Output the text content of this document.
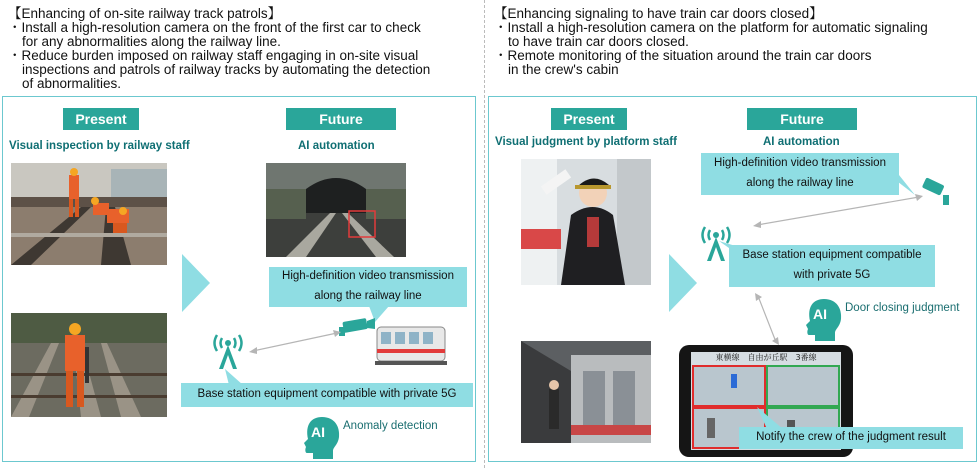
【Enhancing of on-site railway track patrols】
・Install a high-resolution camera on the front of the first car to check
for any abnormalities along the railway line.
・Reduce burden imposed on railway staff engaging in on-site visual
inspections and patrols of railway tracks by automating the detection
of abnormalities.
【Enhancing signaling to have train car doors closed】
・Install a high-resolution camera on the platform for automatic signaling
to have train car doors closed.
・Remote monitoring of the situation around the train car doors
in the crew's cabin
Present	Future
Visual inspection by railway staff	AI automation
High-definition video transmission
along the railway line
Base station equipment compatible with private 5G
AI Anomaly detection
Present	Future
Visual judgment by platform staff	AI automation
High-definition video transmission
along the railway line
Base station equipment compatible
with private 5G
AI Door closing judgment
東横線　自由が丘駅　3番線
Notify the crew of the judgment result
